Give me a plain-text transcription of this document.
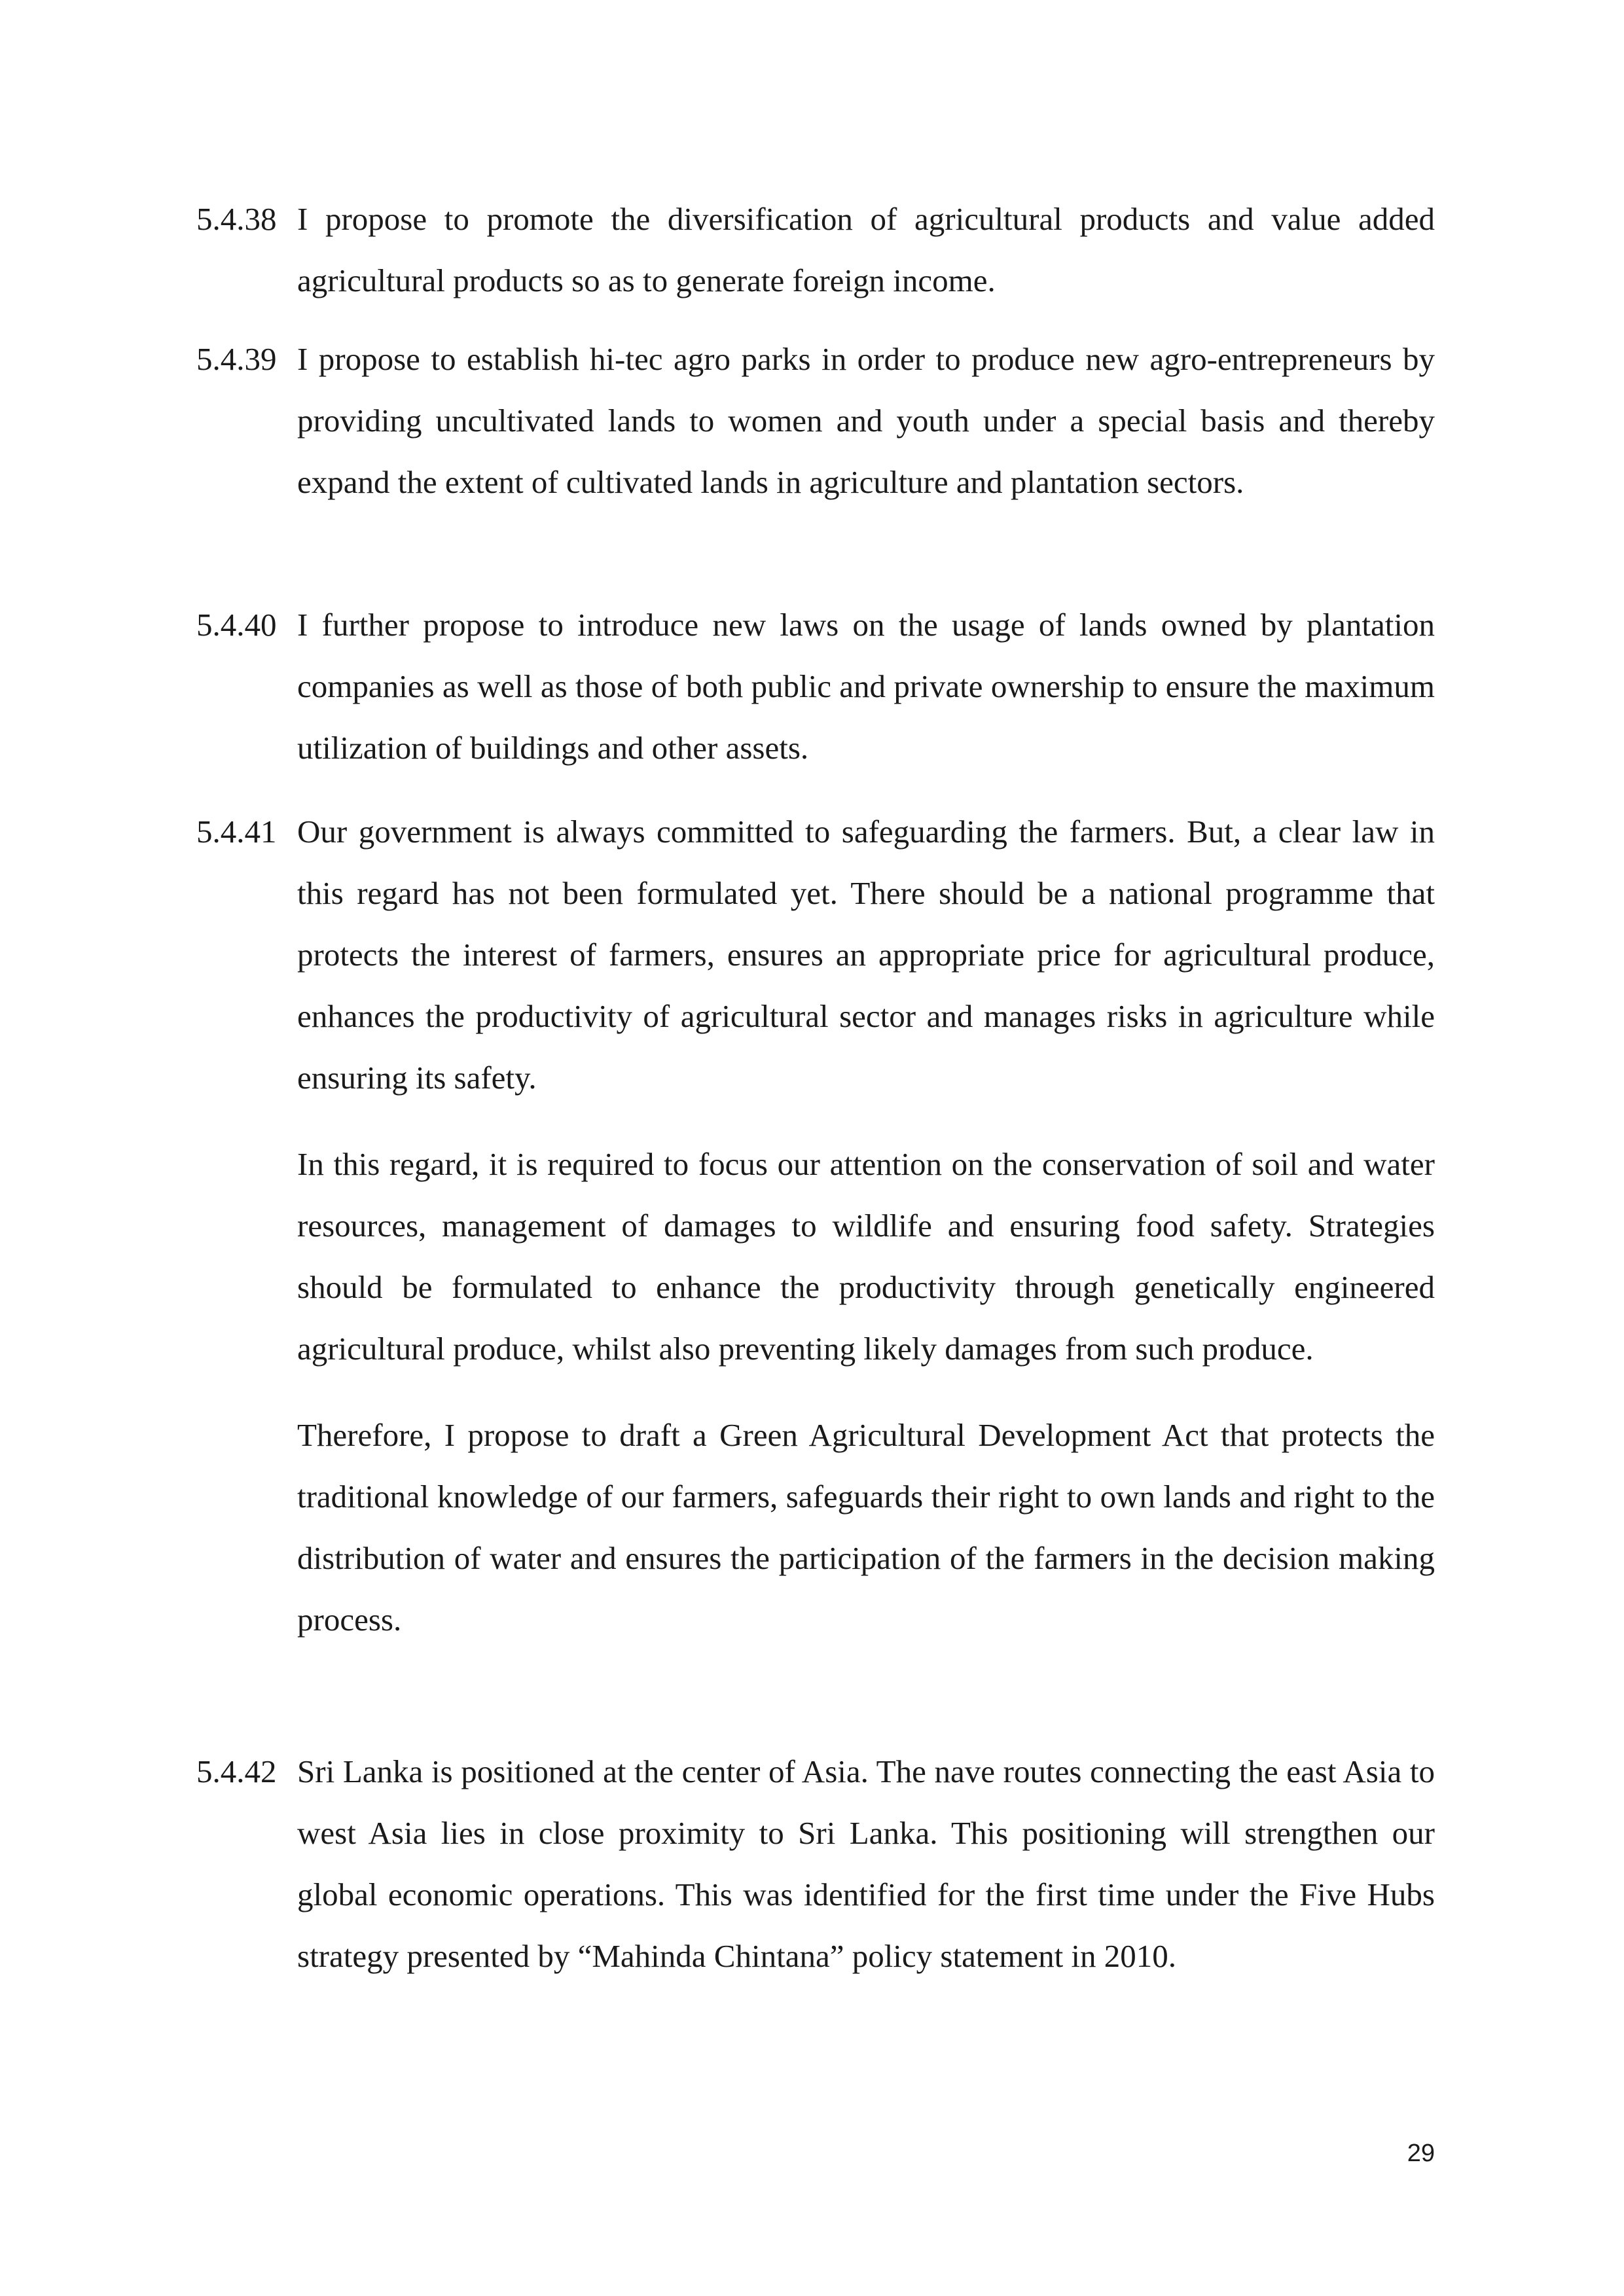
5.4.38 I propose to promote the diversification of agricultural products and value added agricultural products so as to generate foreign income.

5.4.39 I propose to establish hi-tec agro parks in order to produce new agro-entrepreneurs by providing uncultivated lands to women and youth under a special basis and thereby expand the extent of cultivated lands in agriculture and plantation sectors.

5.4.40 I further propose to introduce new laws on the usage of lands owned by plantation companies as well as those of both public and private ownership to ensure the maximum utilization of buildings and other assets.

5.4.41 Our government is always committed to safeguarding the farmers. But, a clear law in this regard has not been formulated yet. There should be a national programme that protects the interest of farmers, ensures an appropriate price for agricultural produce, enhances the productivity of agricultural sector and manages risks in agriculture while ensuring its safety.

In this regard, it is required to focus our attention on the conservation of soil and water resources, management of damages to wildlife and ensuring food safety. Strategies should be formulated to enhance the productivity through genetically engineered agricultural produce, whilst also preventing likely damages from such produce.

Therefore, I propose to draft a Green Agricultural Development Act that protects the traditional knowledge of our farmers, safeguards their right to own lands and right to the distribution of water and ensures the participation of the farmers in the decision making process.

5.4.42 Sri Lanka is positioned at the center of Asia. The nave routes connecting the east Asia to west Asia lies in close proximity to Sri Lanka. This positioning will strengthen our global economic operations. This was identified for the first time under the Five Hubs strategy presented by “Mahinda Chintana” policy statement in 2010.

29
